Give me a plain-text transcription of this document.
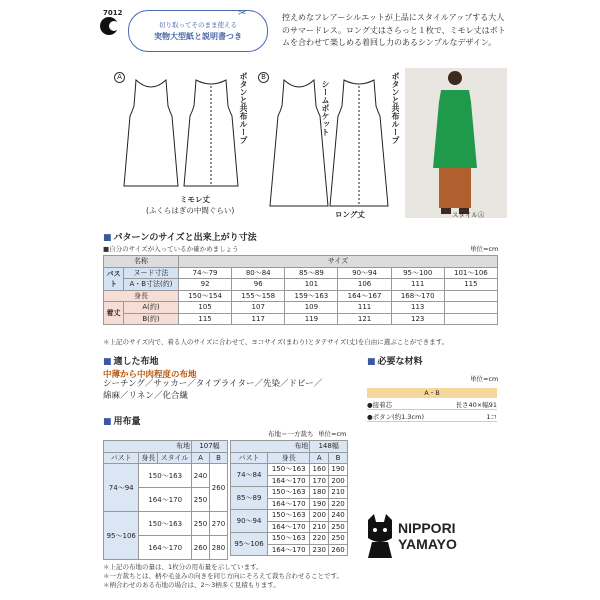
7012
切り取ってそのまま使える
実物大型紙と説明書つき
✂	控えめなフレアーシルエットが上品にスタイルアップする大人のサマードレス。ロング丈はさらっと１枚で、ミモレ丈はボトムを合わせて楽しめる着回し力のあるシンプルなデザイン。
A	B
ボタンと共布ループ	ボタンと共布ループ
シームポケット
ミモレ丈
(ふくらはぎの中間ぐらい)	ロング丈	スタイルⒶ
■ パターンのサイズと出来上がり寸法
■自分のサイズが入っているか確かめましょう	単位=cm
名称		サイズ					
バスト	ヌード寸法	74〜79	80〜84	85〜89	90〜94	95〜100	101〜106
	A・B寸法(約)	92	96	101	106	111	115
身長		150〜154	155〜158	159〜163	164〜167	168〜170	
着丈	A(約)	105	107	109	111	113	
	B(約)	115	117	119	121	123	
＊上記のサイズ内で、着る人のサイズに合わせて、ヨコサイズ(まわり)とタテサイズ(丈)を自由に選ぶことができます。
■ 適した布地
中薄から中肉程度の布地
シーチング／サッカー／タイプライター／先染／ドビー／
綿麻／リネン／化合繊
■ 必要な材料
単位=cm
A・B
●接着芯	長さ40×幅91
●ボタン(約1.3cm)	1コ
■ 用布量
布地＝一方裁ち 単位=cm
布地			107幅	
バスト	身長	スタイル	A	B
74〜94	150〜163		240	260
	164〜170		250	
95〜106	150〜163		250	270
	164〜170		260	280
布地		148幅	
バスト	身長	A	B
74〜84	150〜163	160	190
	164〜170	170	200
85〜89	150〜163	180	210
	164〜170	190	220
90〜94	150〜163	200	240
	164〜170	210	250
95〜106	150〜163	220	250
	164〜170	230	260
＊上記の布地の量は、1枚分の用布量を示しています。
＊一方裁ちとは、柄や毛並みの向きを同じ方向にそろえて裁ち合わせることです。
＊柄合わせのある布地の場合は、2〜3柄多く見積もります。
NIPPORI
YAMAYO
